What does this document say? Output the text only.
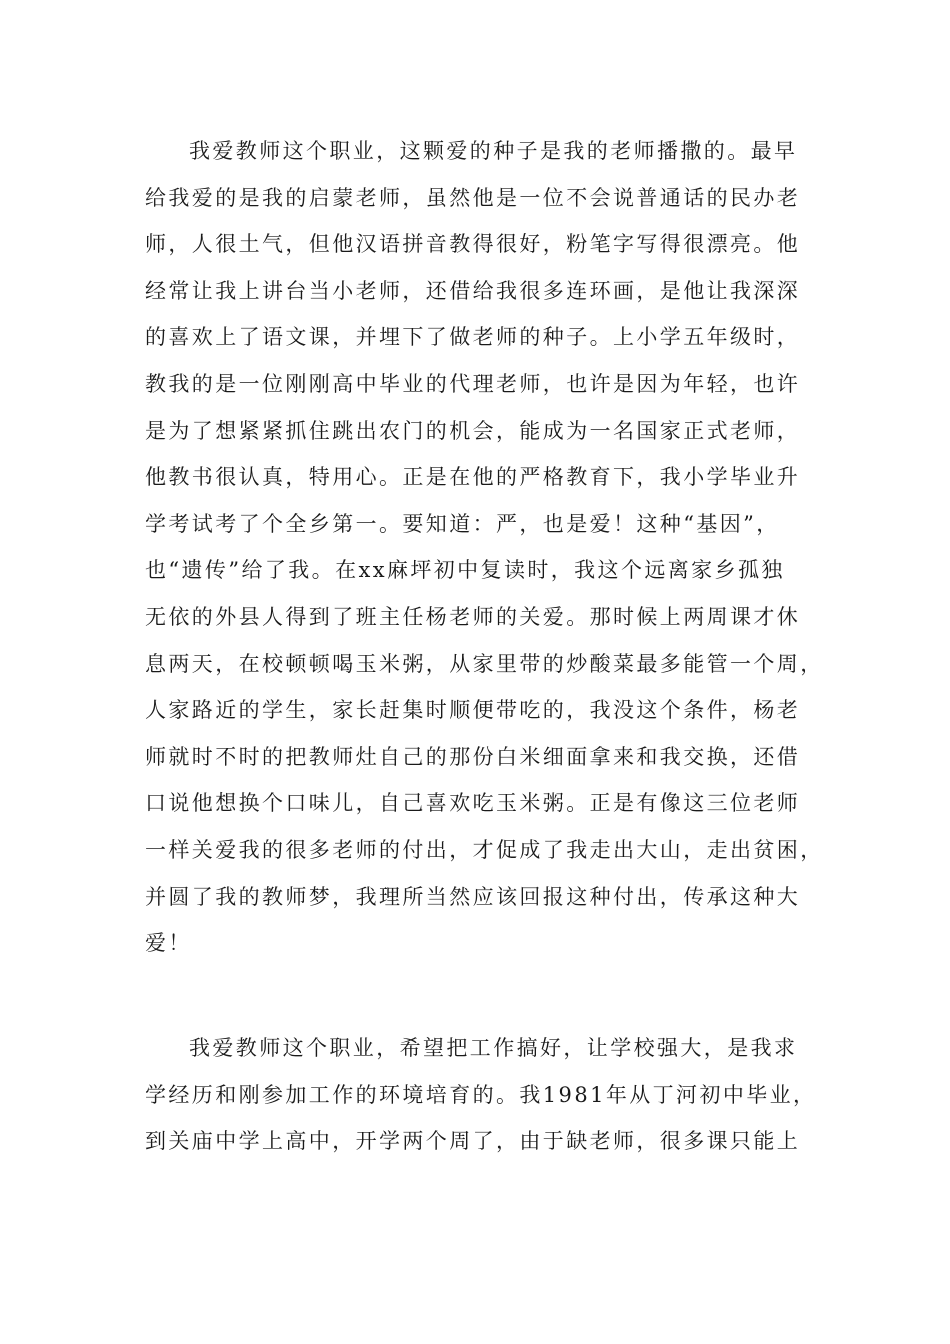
我爱教师这个职业，这颗爱的种子是我的老师播撒的。最早
给我爱的是我的启蒙老师，虽然他是一位不会说普通话的民办老
师，人很土气，但他汉语拼音教得很好，粉笔字写得很漂亮。他
经常让我上讲台当小老师，还借给我很多连环画，是他让我深深
的喜欢上了语文课，并埋下了做老师的种子。上小学五年级时，
教我的是一位刚刚高中毕业的代理老师，也许是因为年轻，也许
是为了想紧紧抓住跳出农门的机会，能成为一名国家正式老师，
他教书很认真，特用心。正是在他的严格教育下，我小学毕业升
学考试考了个全乡第一。要知道：严，也是爱！这种“基因”，
也“遗传”给了我。在xx麻坪初中复读时，我这个远离家乡孤独
无依的外县人得到了班主任杨老师的关爱。那时候上两周课才休
息两天，在校顿顿喝玉米粥，从家里带的炒酸菜最多能管一个周，
人家路近的学生，家长赶集时顺便带吃的，我没这个条件，杨老
师就时不时的把教师灶自己的那份白米细面拿来和我交换，还借
口说他想换个口味儿，自己喜欢吃玉米粥。正是有像这三位老师
一样关爱我的很多老师的付出，才促成了我走出大山，走出贫困，
并圆了我的教师梦，我理所当然应该回报这种付出，传承这种大
爱！
我爱教师这个职业，希望把工作搞好，让学校强大，是我求
学经历和刚参加工作的环境培育的。我1981年从丁河初中毕业，
到关庙中学上高中，开学两个周了，由于缺老师，很多课只能上
